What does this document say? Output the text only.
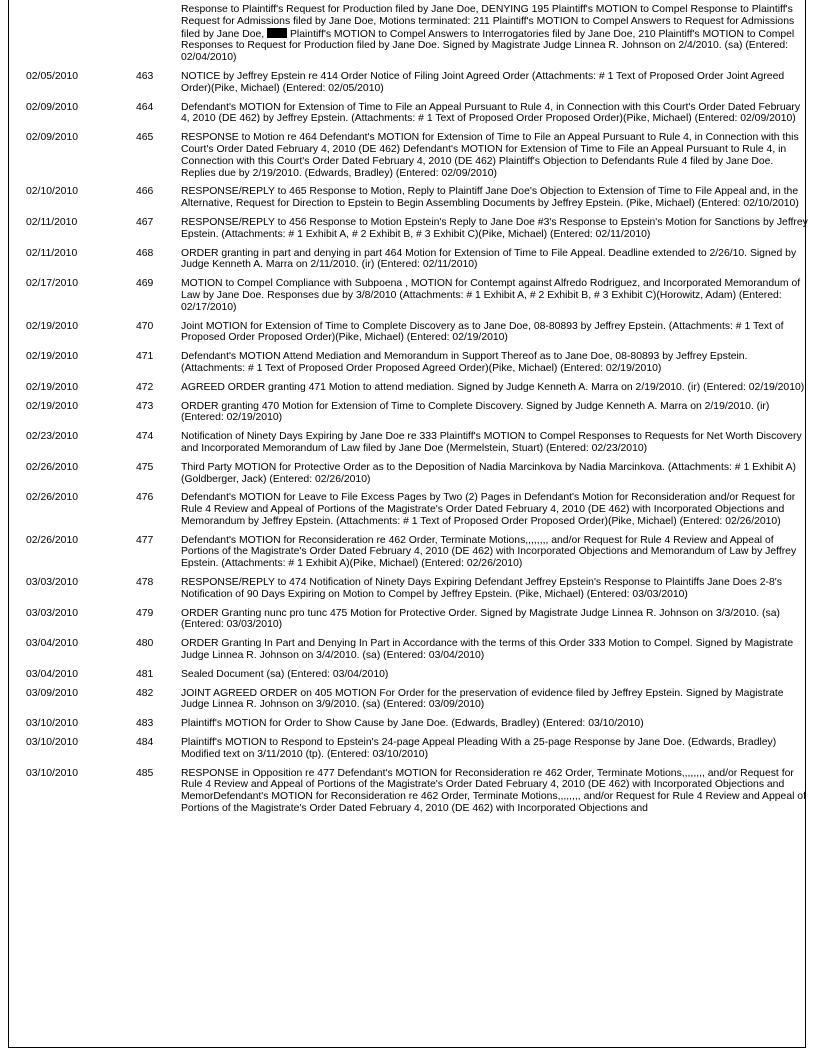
		Response to Plaintiff's Request for Production filed by Jane Doe, DENYING 195 Plaintiff's MOTION to Compel Response to Plaintiff's Request for Admissions filed by Jane Doe, Motions terminated: 211 Plaintiff's MOTION to Compel Answers to Request for Admissions filed by Jane Doe, Plaintiff's MOTION to Compel Answers to Interrogatories filed by Jane Doe, 210 Plaintiff's MOTION to Compel Responses to Request for Production filed by Jane Doe. Signed by Magistrate Judge Linnea R. Johnson on 2/4/2010. (sa) (Entered: 02/04/2010)
02/05/2010	463	NOTICE by Jeffrey Epstein re 414 Order Notice of Filing Joint Agreed Order (Attachments: # 1 Text of Proposed Order Joint Agreed Order)(Pike, Michael) (Entered: 02/05/2010)
02/09/2010	464	Defendant's MOTION for Extension of Time to File an Appeal Pursuant to Rule 4, in Connection with this Court's Order Dated February 4, 2010 (DE 462) by Jeffrey Epstein. (Attachments: # 1 Text of Proposed Order Proposed Order)(Pike, Michael) (Entered: 02/09/2010)
02/09/2010	465	RESPONSE to Motion re 464 Defendant's MOTION for Extension of Time to File an Appeal Pursuant to Rule 4, in Connection with this Court's Order Dated February 4, 2010 (DE 462) Defendant's MOTION for Extension of Time to File an Appeal Pursuant to Rule 4, in Connection with this Court's Order Dated February 4, 2010 (DE 462) Plaintiff's Objection to Defendants Rule 4 filed by Jane Doe. Replies due by 2/19/2010. (Edwards, Bradley) (Entered: 02/09/2010)
02/10/2010	466	RESPONSE/REPLY to 465 Response to Motion, Reply to Plaintiff Jane Doe's Objection to Extension of Time to File Appeal and, in the Alternative, Request for Direction to Epstein to Begin Assembling Documents by Jeffrey Epstein. (Pike, Michael) (Entered: 02/10/2010)
02/11/2010	467	RESPONSE/REPLY to 456 Response to Motion Epstein's Reply to Jane Doe #3's Response to Epstein's Motion for Sanctions by Jeffrey Epstein. (Attachments: # 1 Exhibit A, # 2 Exhibit B, # 3 Exhibit C)(Pike, Michael) (Entered: 02/11/2010)
02/11/2010	468	ORDER granting in part and denying in part 464 Motion for Extension of Time to File Appeal. Deadline extended to 2/26/10. Signed by Judge Kenneth A. Marra on 2/11/2010. (ir) (Entered: 02/11/2010)
02/17/2010	469	MOTION to Compel Compliance with Subpoena , MOTION for Contempt against Alfredo Rodriguez, and Incorporated Memorandum of Law by Jane Doe. Responses due by 3/8/2010 (Attachments: # 1 Exhibit A, # 2 Exhibit B, # 3 Exhibit C)(Horowitz, Adam) (Entered: 02/17/2010)
02/19/2010	470	Joint MOTION for Extension of Time to Complete Discovery as to Jane Doe, 08-80893 by Jeffrey Epstein. (Attachments: # 1 Text of Proposed Order Proposed Order)(Pike, Michael) (Entered: 02/19/2010)
02/19/2010	471	Defendant's MOTION Attend Mediation and Memorandum in Support Thereof as to Jane Doe, 08-80893 by Jeffrey Epstein. (Attachments: # 1 Text of Proposed Order Proposed Agreed Order)(Pike, Michael) (Entered: 02/19/2010)
02/19/2010	472	AGREED ORDER granting 471 Motion to attend mediation. Signed by Judge Kenneth A. Marra on 2/19/2010. (ir) (Entered: 02/19/2010)
02/19/2010	473	ORDER granting 470 Motion for Extension of Time to Complete Discovery. Signed by Judge Kenneth A. Marra on 2/19/2010. (ir) (Entered: 02/19/2010)
02/23/2010	474	Notification of Ninety Days Expiring by Jane Doe re 333 Plaintiff's MOTION to Compel Responses to Requests for Net Worth Discovery and Incorporated Memorandum of Law filed by Jane Doe (Mermelstein, Stuart) (Entered: 02/23/2010)
02/26/2010	475	Third Party MOTION for Protective Order as to the Deposition of Nadia Marcinkova by Nadia Marcinkova. (Attachments: # 1 Exhibit A)(Goldberger, Jack) (Entered: 02/26/2010)
02/26/2010	476	Defendant's MOTION for Leave to File Excess Pages by Two (2) Pages in Defendant's Motion for Reconsideration and/or Request for Rule 4 Review and Appeal of Portions of the Magistrate's Order Dated February 4, 2010 (DE 462) with Incorporated Objections and Memorandum by Jeffrey Epstein. (Attachments: # 1 Text of Proposed Order Proposed Order)(Pike, Michael) (Entered: 02/26/2010)
02/26/2010	477	Defendant's MOTION for Reconsideration re 462 Order, Terminate Motions,,,,,,,, and/or Request for Rule 4 Review and Appeal of Portions of the Magistrate's Order Dated February 4, 2010 (DE 462) with Incorporated Objections and Memorandum of Law by Jeffrey Epstein. (Attachments: # 1 Exhibit A)(Pike, Michael) (Entered: 02/26/2010)
03/03/2010	478	RESPONSE/REPLY to 474 Notification of Ninety Days Expiring Defendant Jeffrey Epstein's Response to Plaintiffs Jane Does 2-8's Notification of 90 Days Expiring on Motion to Compel by Jeffrey Epstein. (Pike, Michael) (Entered: 03/03/2010)
03/03/2010	479	ORDER Granting nunc pro tunc 475 Motion for Protective Order. Signed by Magistrate Judge Linnea R. Johnson on 3/3/2010. (sa) (Entered: 03/03/2010)
03/04/2010	480	ORDER Granting In Part and Denying In Part in Accordance with the terms of this Order 333 Motion to Compel. Signed by Magistrate Judge Linnea R. Johnson on 3/4/2010. (sa) (Entered: 03/04/2010)
03/04/2010	481	Sealed Document (sa) (Entered: 03/04/2010)
03/09/2010	482	JOINT AGREED ORDER on 405 MOTION For Order for the preservation of evidence filed by Jeffrey Epstein. Signed by Magistrate Judge Linnea R. Johnson on 3/9/2010. (sa) (Entered: 03/09/2010)
03/10/2010	483	Plaintiff's MOTION for Order to Show Cause by Jane Doe. (Edwards, Bradley) (Entered: 03/10/2010)
03/10/2010	484	Plaintiff's MOTION to Respond to Epstein's 24-page Appeal Pleading With a 25-page Response by Jane Doe. (Edwards, Bradley) Modified text on 3/11/2010 (tp). (Entered: 03/10/2010)
03/10/2010	485	RESPONSE in Opposition re 477 Defendant's MOTION for Reconsideration re 462 Order, Terminate Motions,,,,,,,, and/or Request for Rule 4 Review and Appeal of Portions of the Magistrate's Order Dated February 4, 2010 (DE 462) with Incorporated Objections and MemorDefendant's MOTION for Reconsideration re 462 Order, Terminate Motions,,,,,,,, and/or Request for Rule 4 Review and Appeal of Portions of the Magistrate's Order Dated February 4, 2010 (DE 462) with Incorporated Objections and
